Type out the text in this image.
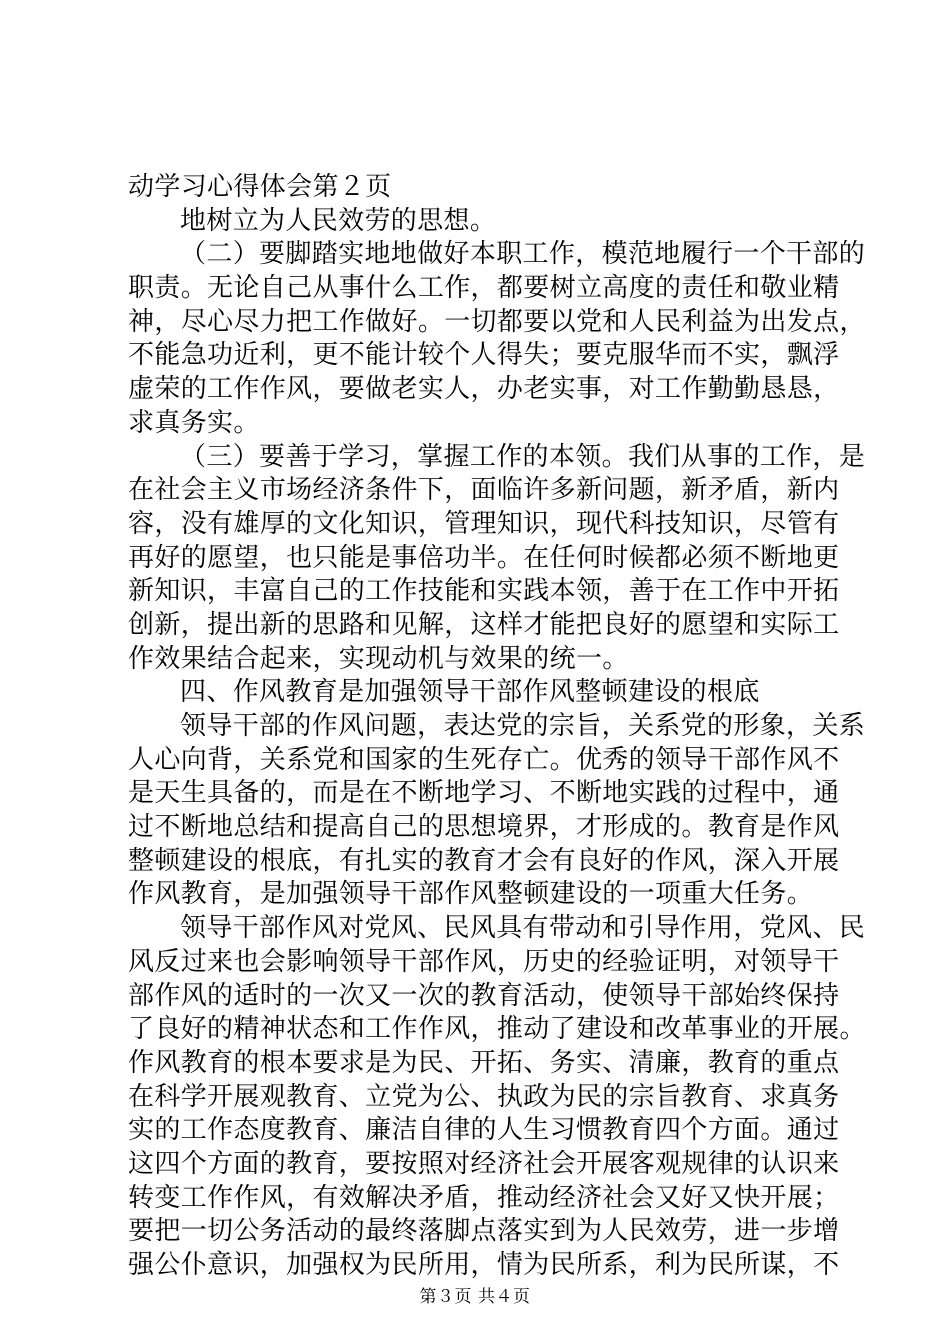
动学习心得体会第２页
地树立为人民效劳的思想。
（二）要脚踏实地地做好本职工作，模范地履行一个干部的
职责。无论自己从事什么工作，都要树立高度的责任和敬业精
神，尽心尽力把工作做好。一切都要以党和人民利益为出发点，
不能急功近利，更不能计较个人得失；要克服华而不实，飘浮
虚荣的工作作风，要做老实人，办老实事，对工作勤勤恳恳，
求真务实。
（三）要善于学习，掌握工作的本领。我们从事的工作，是
在社会主义市场经济条件下，面临许多新问题，新矛盾，新内
容，没有雄厚的文化知识，管理知识，现代科技知识，尽管有
再好的愿望，也只能是事倍功半。在任何时候都必须不断地更
新知识，丰富自己的工作技能和实践本领，善于在工作中开拓
创新，提出新的思路和见解，这样才能把良好的愿望和实际工
作效果结合起来，实现动机与效果的统一。
四、作风教育是加强领导干部作风整顿建设的根底
领导干部的作风问题，表达党的宗旨，关系党的形象，关系
人心向背，关系党和国家的生死存亡。优秀的领导干部作风不
是天生具备的，而是在不断地学习、不断地实践的过程中，通
过不断地总结和提高自己的思想境界，才形成的。教育是作风
整顿建设的根底，有扎实的教育才会有良好的作风，深入开展
作风教育，是加强领导干部作风整顿建设的一项重大任务。
领导干部作风对党风、民风具有带动和引导作用，党风、民
风反过来也会影响领导干部作风，历史的经验证明，对领导干
部作风的适时的一次又一次的教育活动，使领导干部始终保持
了良好的精神状态和工作作风，推动了建设和改革事业的开展。
作风教育的根本要求是为民、开拓、务实、清廉，教育的重点
在科学开展观教育、立党为公、执政为民的宗旨教育、求真务
实的工作态度教育、廉洁自律的人生习惯教育四个方面。通过
这四个方面的教育，要按照对经济社会开展客观规律的认识来
转变工作作风，有效解决矛盾，推动经济社会又好又快开展；
要把一切公务活动的最终落脚点落实到为人民效劳，进一步增
强公仆意识，加强权为民所用，情为民所系，利为民所谋，不
第３页 共４页
